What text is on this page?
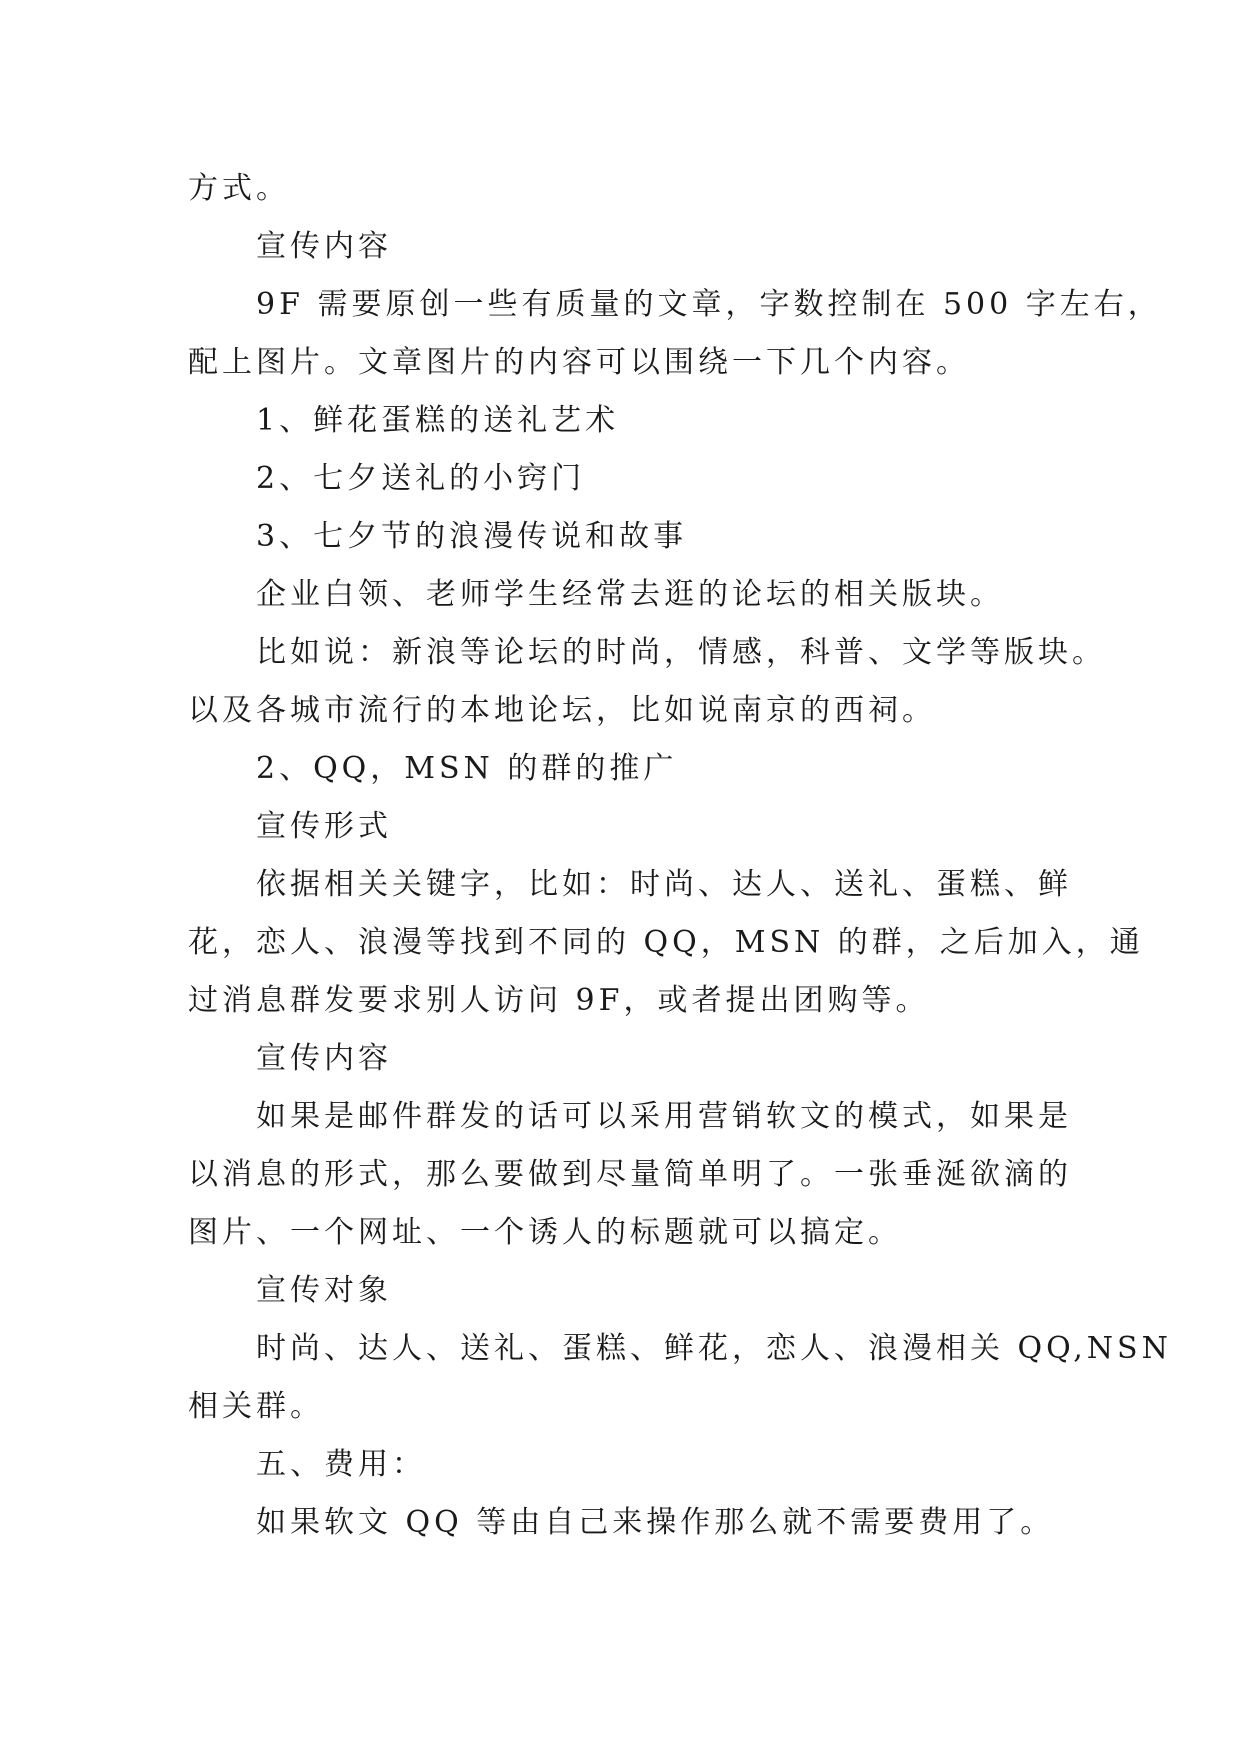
方式。
宣传内容
9F 需要原创一些有质量的文章，字数控制在 500 字左右，
配上图片。文章图片的内容可以围绕一下几个内容。
1、鲜花蛋糕的送礼艺术
2、七夕送礼的小窍门
3、七夕节的浪漫传说和故事
企业白领、老师学生经常去逛的论坛的相关版块。
比如说：新浪等论坛的时尚，情感，科普、文学等版块。
以及各城市流行的本地论坛，比如说南京的西祠。
2、QQ，MSN 的群的推广
宣传形式
依据相关关键字，比如：时尚、达人、送礼、蛋糕、鲜
花，恋人、浪漫等找到不同的 QQ，MSN 的群，之后加入，通
过消息群发要求别人访问 9F，或者提出团购等。
宣传内容
如果是邮件群发的话可以采用营销软文的模式，如果是
以消息的形式，那么要做到尽量简单明了。一张垂涎欲滴的
图片、一个网址、一个诱人的标题就可以搞定。
宣传对象
时尚、达人、送礼、蛋糕、鲜花，恋人、浪漫相关 QQ,NSN
相关群。
五、费用：
如果软文 QQ 等由自己来操作那么就不需要费用了。
